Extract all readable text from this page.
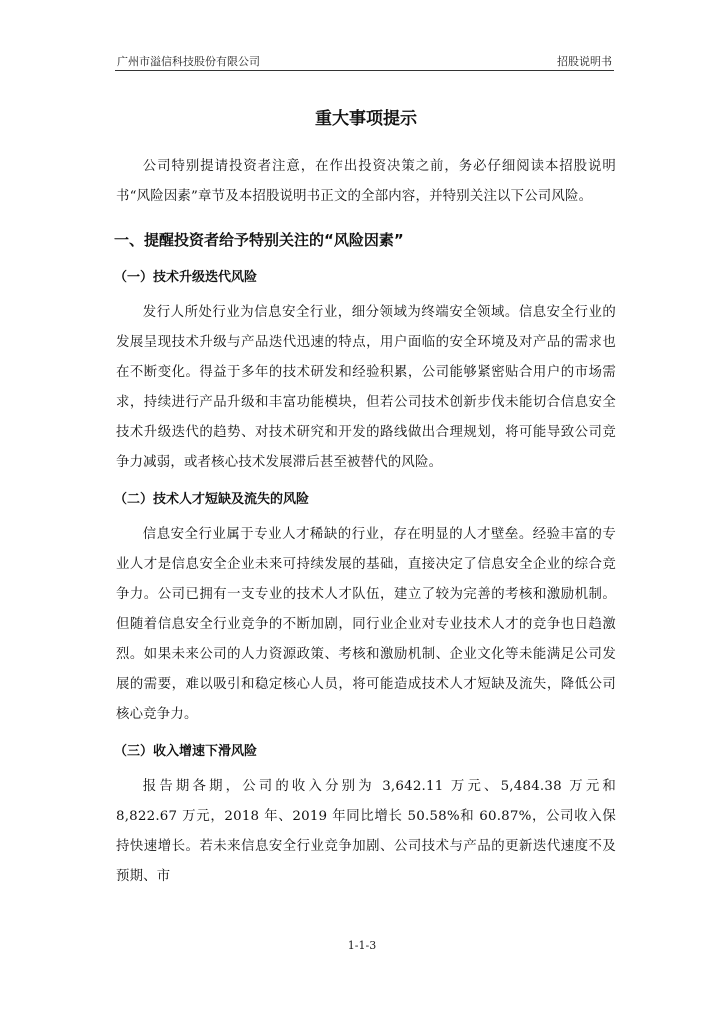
广州市溢信科技股份有限公司	招股说明书
重大事项提示

公司特别提请投资者注意，在作出投资决策之前，务必仔细阅读本招股说明书“风险因素”章节及本招股说明书正文的全部内容，并特别关注以下公司风险。

一、提醒投资者给予特别关注的“风险因素”
（一）技术升级迭代风险

发行人所处行业为信息安全行业，细分领域为终端安全领域。信息安全行业的发展呈现技术升级与产品迭代迅速的特点，用户面临的安全环境及对产品的需求也在不断变化。得益于多年的技术研发和经验积累，公司能够紧密贴合用户的市场需求，持续进行产品升级和丰富功能模块，但若公司技术创新步伐未能切合信息安全技术升级迭代的趋势、对技术研究和开发的路线做出合理规划，将可能导致公司竞争力减弱，或者核心技术发展滞后甚至被替代的风险。

（二）技术人才短缺及流失的风险

信息安全行业属于专业人才稀缺的行业，存在明显的人才壁垒。经验丰富的专业人才是信息安全企业未来可持续发展的基础，直接决定了信息安全企业的综合竞争力。公司已拥有一支专业的技术人才队伍，建立了较为完善的考核和激励机制。但随着信息安全行业竞争的不断加剧，同行业企业对专业技术人才的竞争也日趋激烈。如果未来公司的人力资源政策、考核和激励机制、企业文化等未能满足公司发展的需要，难以吸引和稳定核心人员，将可能造成技术人才短缺及流失，降低公司核心竞争力。

（三）收入增速下滑风险

报告期各期，公司的收入分别为 3,642.11 万元、5,484.38 万元和 8,822.67 万元，2018 年、2019 年同比增长 50.58%和 60.87%，公司收入保持快速增长。若未来信息安全行业竞争加剧、公司技术与产品的更新迭代速度不及预期、市

1-1-3
